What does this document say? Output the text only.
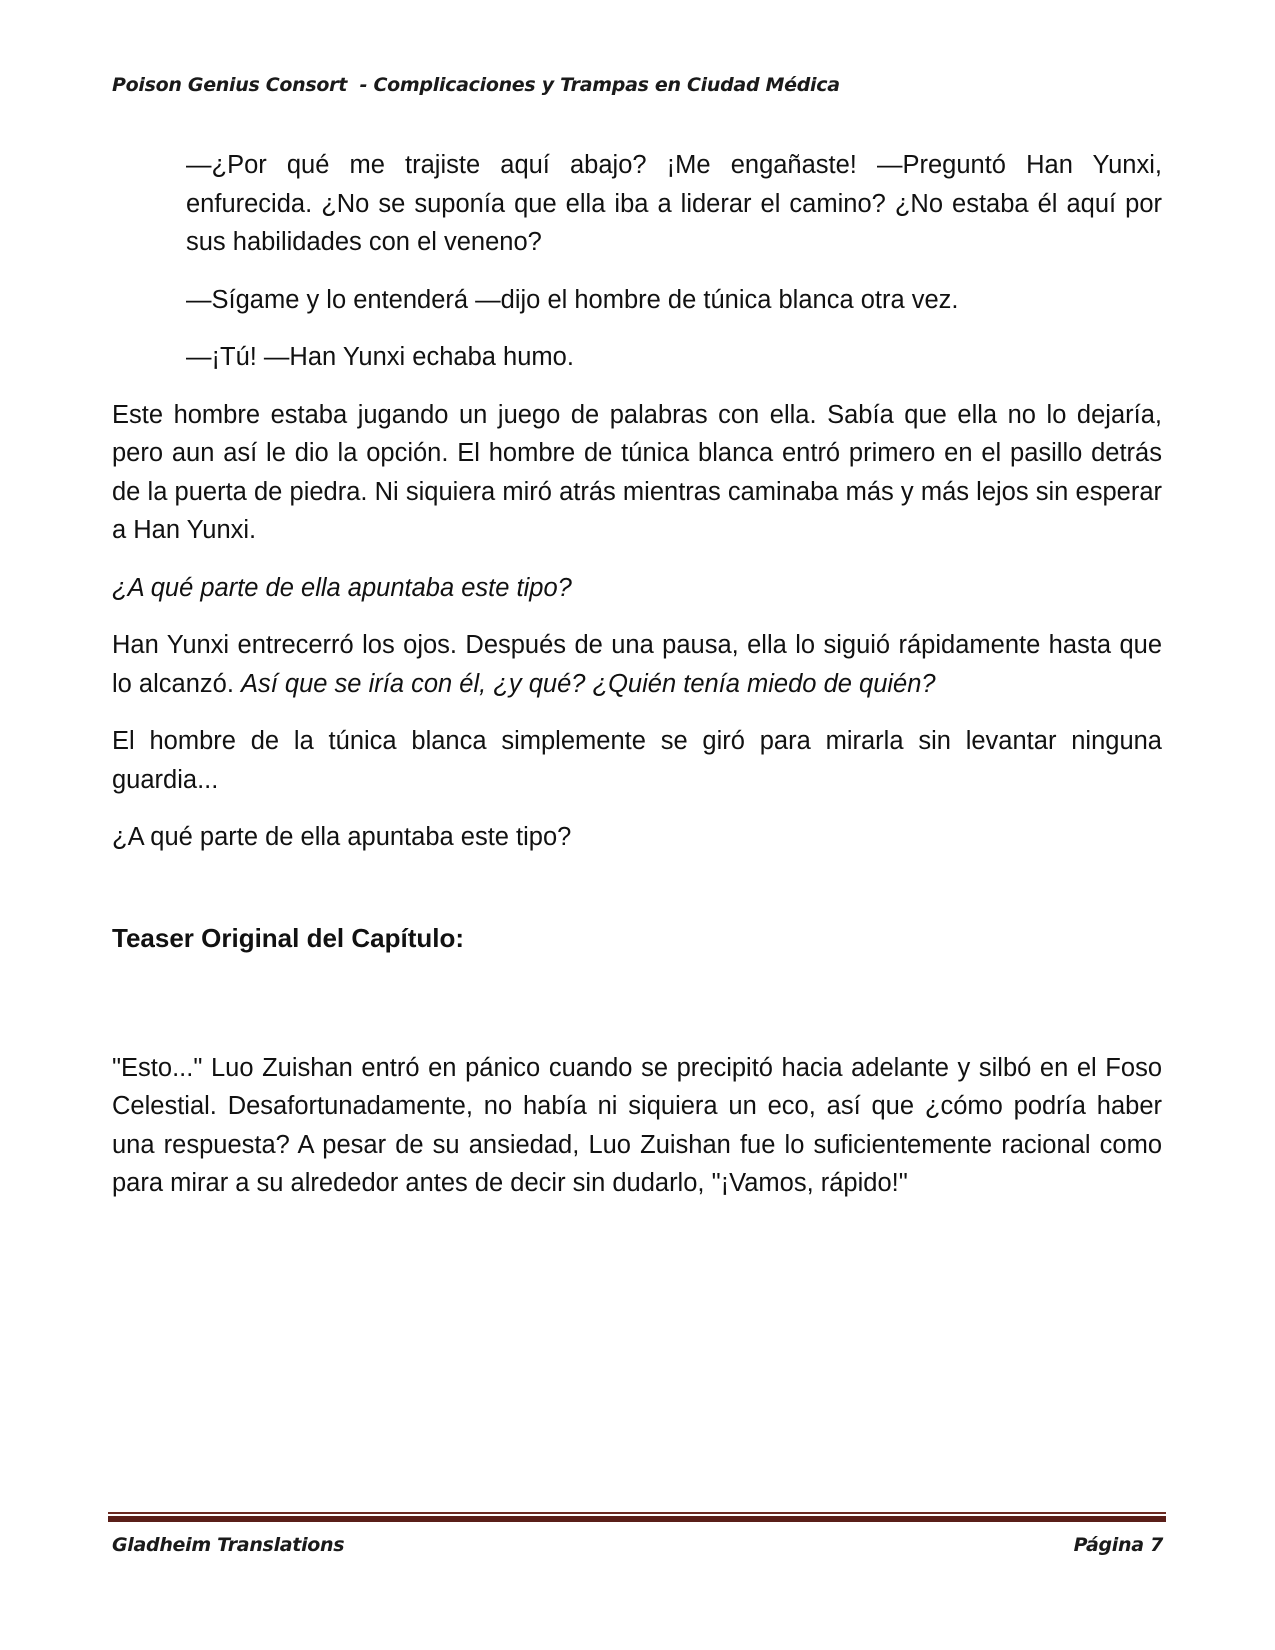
Poison Genius Consort  - Complicaciones y Trampas en Ciudad Médica

—¿Por qué me trajiste aquí abajo? ¡Me engañaste! —Preguntó Han Yunxi, enfurecida. ¿No se suponía que ella iba a liderar el camino? ¿No estaba él aquí por sus habilidades con el veneno?

—Sígame y lo entenderá —dijo el hombre de túnica blanca otra vez.

—¡Tú! —Han Yunxi echaba humo.

Este hombre estaba jugando un juego de palabras con ella. Sabía que ella no lo dejaría, pero aun así le dio la opción. El hombre de túnica blanca entró primero en el pasillo detrás de la puerta de piedra. Ni siquiera miró atrás mientras caminaba más y más lejos sin esperar a Han Yunxi.

¿A qué parte de ella apuntaba este tipo?

Han Yunxi entrecerró los ojos. Después de una pausa, ella lo siguió rápidamente hasta que lo alcanzó. Así que se iría con él, ¿y qué? ¿Quién tenía miedo de quién?

El hombre de la túnica blanca simplemente se giró para mirarla sin levantar ninguna guardia...

¿A qué parte de ella apuntaba este tipo?

Teaser Original del Capítulo:

"Esto..." Luo Zuishan entró en pánico cuando se precipitó hacia adelante y silbó en el Foso Celestial. Desafortunadamente, no había ni siquiera un eco, así que ¿cómo podría haber una respuesta? A pesar de su ansiedad, Luo Zuishan fue lo suficientemente racional como para mirar a su alrededor antes de decir sin dudarlo, "¡Vamos, rápido!"

Gladheim Translations	Página 7
